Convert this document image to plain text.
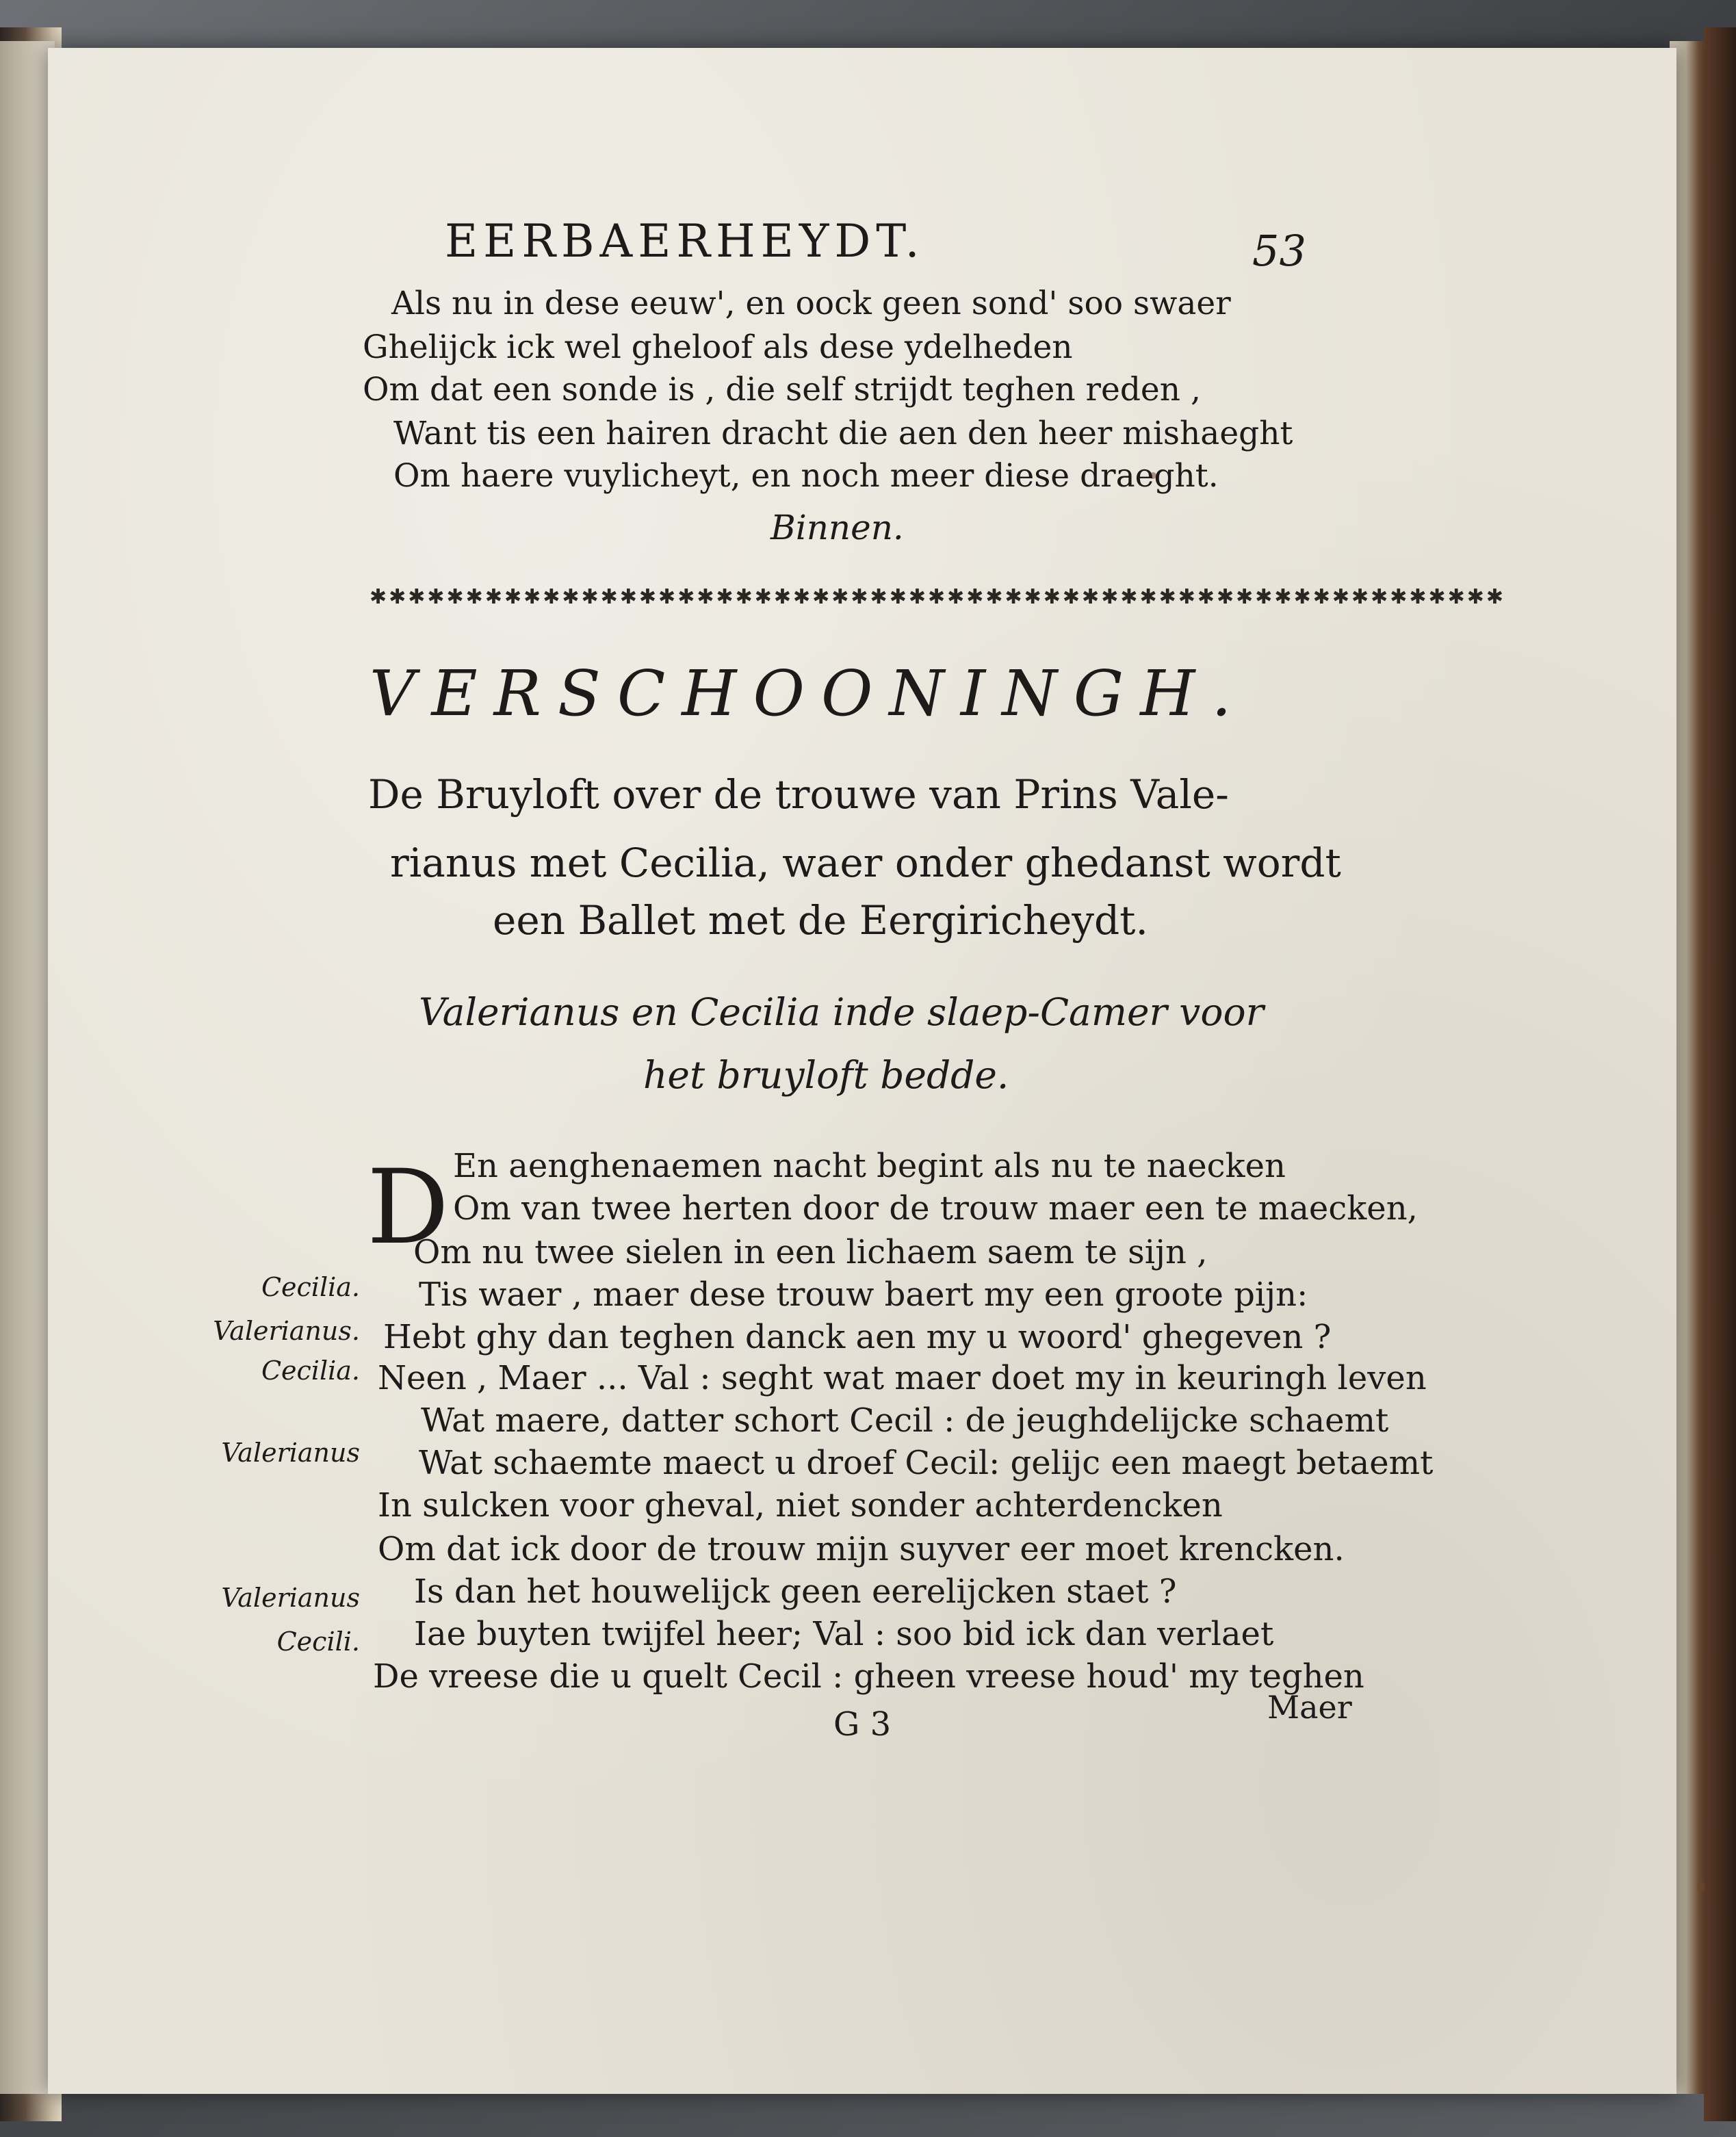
EERBAERHEYDT.	53
Als nu in dese eeuw', en oock geen sond' soo swaer
Ghelijck ick wel gheloof als dese ydelheden
Om dat een sonde is , die self strijdt teghen reden ,
Want tis een hairen dracht die aen den heer mishaeght
Om haere vuylicheyt, en noch meer diese draeght.
Binnen.
✱✱✱✱✱✱✱✱✱✱✱✱✱✱✱✱✱✱✱✱✱✱✱✱✱✱✱✱✱✱✱✱✱✱✱✱✱✱✱✱✱✱✱✱✱✱✱✱✱✱✱✱✱✱✱✱✱✱✱
VERSCHOONINGH.
De Bruyloft over de trouwe van Prins Vale-
rianus met Cecilia, waer onder ghedanst wordt
een Ballet met de Eergiricheydt.
Valerianus en Cecilia inde slaep-Camer voor
het bruyloft bedde.
D En aenghenaemen nacht begint als nu te naecken
Om van twee herten door de trouw maer een te maecken,
Om nu twee sielen in een lichaem saem te sijn ,
Tis waer , maer dese trouw baert my een groote pijn:
Hebt ghy dan teghen danck aen my u woord' ghegeven ?
Neen , Maer ... Val : seght wat maer doet my in keuringh leven
Wat maere, datter schort Cecil : de jeughdelijcke schaemt
Wat schaemte maect u droef Cecil: gelijc een maegt betaemt
In sulcken voor gheval, niet sonder achterdencken
Om dat ick door de trouw mijn suyver eer moet krencken.
Is dan het houwelijck geen eerelijcken staet ?
Iae buyten twijfel heer; Val : soo bid ick dan verlaet
De vreese die u quelt Cecil : gheen vreese houd' my teghen
Cecilia.
Valerianus.
Cecilia.
Valerianus
Valerianus
Cecili.
G 3	Maer
